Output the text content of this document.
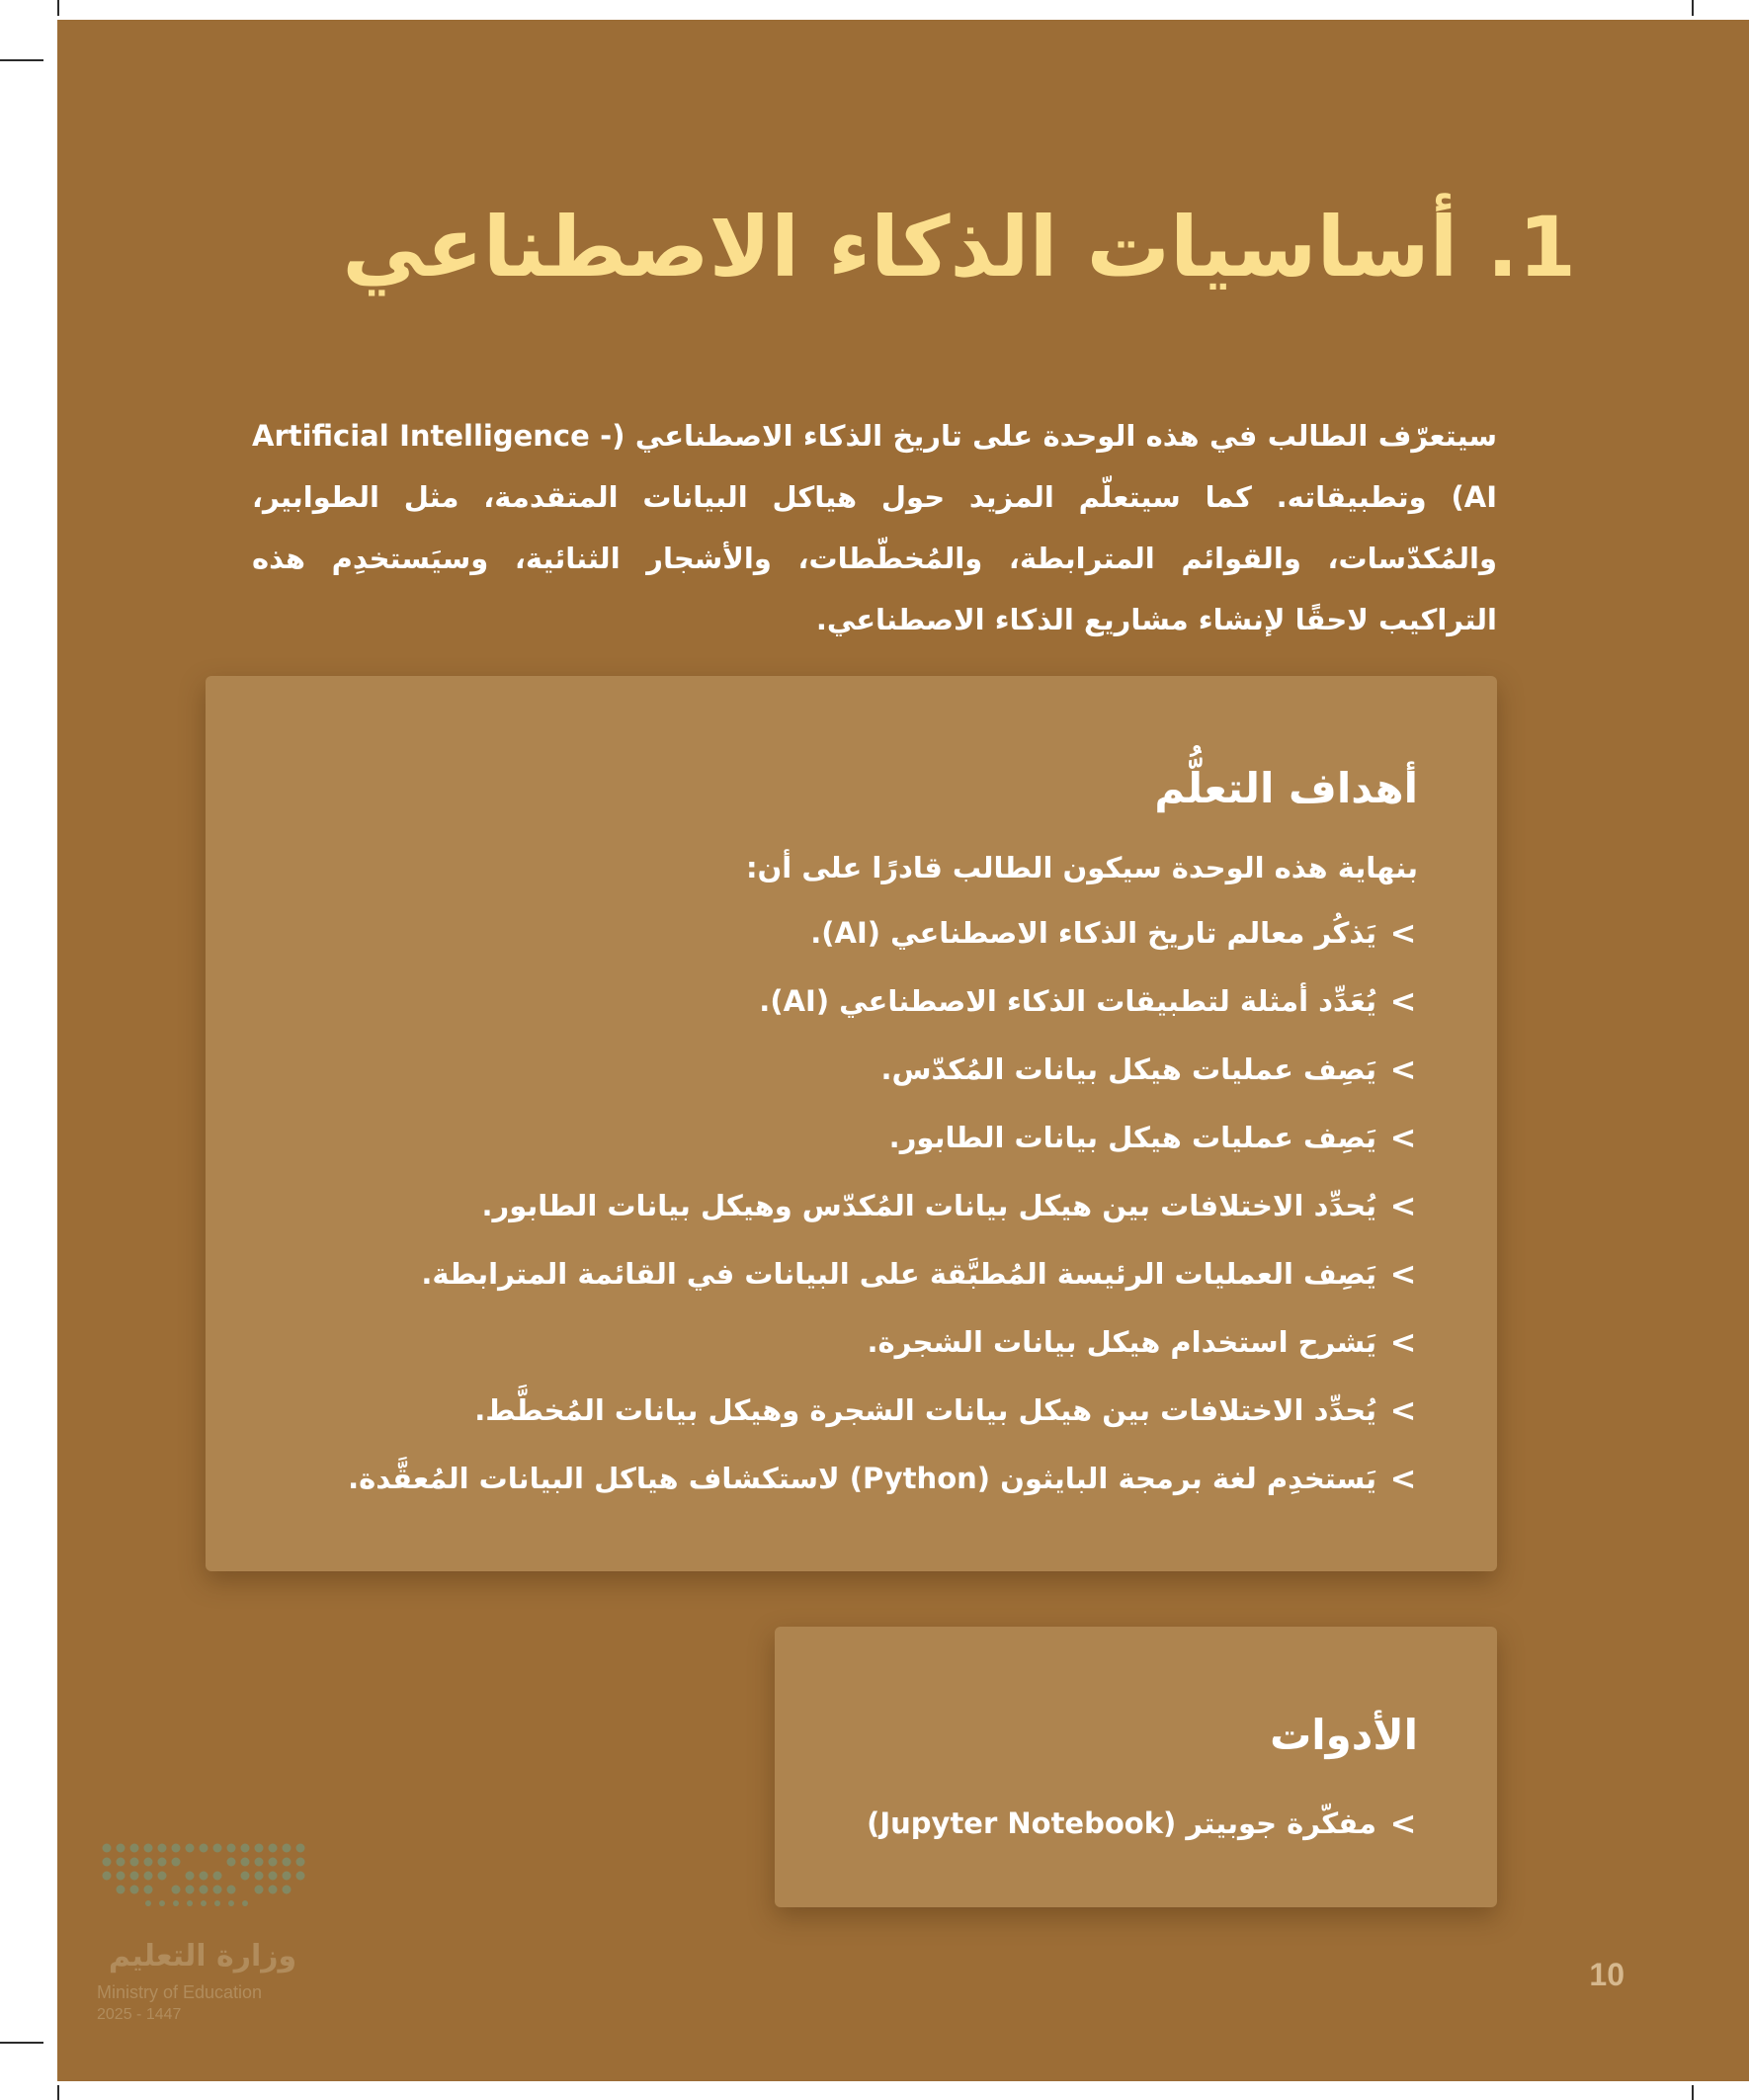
1. أساسيات الذكاء الاصطناعي

سيتعرّف الطالب في هذه الوحدة على تاريخ الذكاء الاصطناعي (Artificial Intelligence - AI) وتطبيقاته. كما سيتعلّم المزيد حول هياكل البيانات المتقدمة، مثل الطوابير، والمُكدّسات، والقوائم المترابطة، والمُخطّطات، والأشجار الثنائية، وسيَستخدِم هذه التراكيب لاحقًا لإنشاء مشاريع الذكاء الاصطناعي.

أهداف التعلُّم

بنهاية هذه الوحدة سيكون الطالب قادرًا على أن:

>
يَذكُر معالم تاريخ الذكاء الاصطناعي (AI).
>
يُعَدِّد أمثلة لتطبيقات الذكاء الاصطناعي (AI).
>
يَصِف عمليات هيكل بيانات المُكدّس.
>
يَصِف عمليات هيكل بيانات الطابور.
>
يُحدِّد الاختلافات بين هيكل بيانات المُكدّس وهيكل بيانات الطابور.
>
يَصِف العمليات الرئيسة المُطبَّقة على البيانات في القائمة المترابطة.
>
يَشرح استخدام هيكل بيانات الشجرة.
>
يُحدِّد الاختلافات بين هيكل بيانات الشجرة وهيكل بيانات المُخطَّط.
>
يَستخدِم لغة برمجة البايثون (Python) لاستكشاف هياكل البيانات المُعقَّدة.
الأدوات
>
مفكّرة جوبيتر (Jupyter Notebook)
وزارة التعليم
Ministry of Education
2025 - 1447
10
